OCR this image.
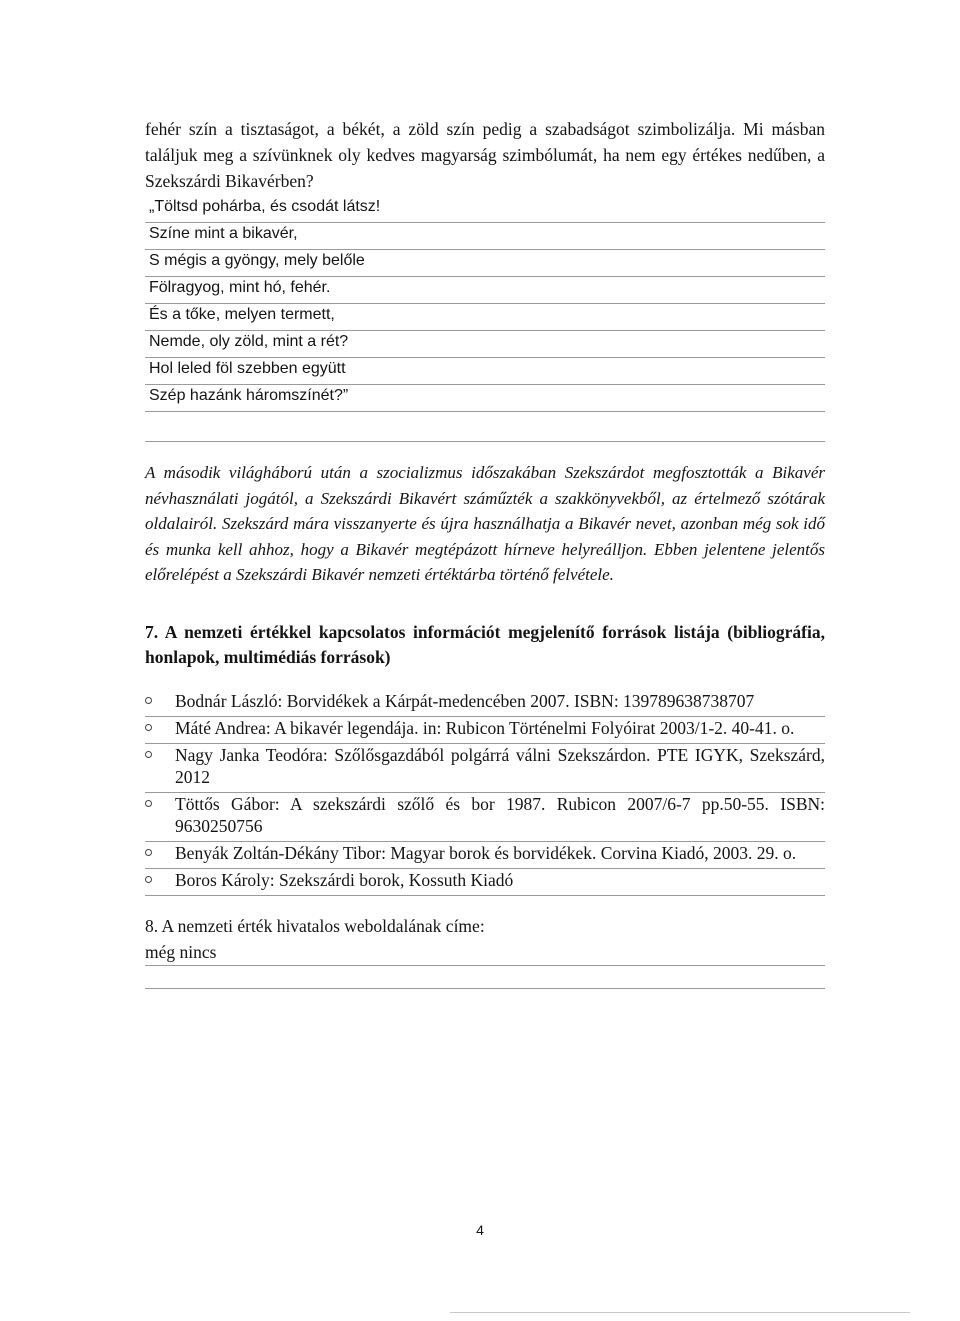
fehér szín a tisztaságot, a békét, a zöld szín pedig a szabadságot szimbolizálja. Mi másban találjuk meg a szívünknek oly kedves magyarság szimbólumát, ha nem egy értékes nedűben, a Szekszárdi Bikavérben?

„Töltsd pohárba, és csodát látsz!
Színe mint a bikavér,
S mégis a gyöngy, mely belőle
Fölragyog, mint hó, fehér.
És a tőke, melyen termett,
Nemde, oly zöld, mint a rét?
Hol leled föl szebben együtt
Szép hazánk háromszínét?”

A második világháború után a szocializmus időszakában Szekszárdot megfosztották a Bikavér névhasználati jogától, a Szekszárdi Bikavért száműzték a szakkönyvekből, az értelmező szótárak oldalairól. Szekszárd mára visszanyerte és újra használhatja a Bikavér nevet, azonban még sok idő és munka kell ahhoz, hogy a Bikavér megtépázott hírneve helyreálljon. Ebben jelentene jelentős előrelépést a Szekszárdi Bikavér nemzeti értéktárba történő felvétele.

7. A nemzeti értékkel kapcsolatos információt megjelenítő források listája (bibliográfia, honlapok, multimédiás források)

Bodnár László: Borvidékek a Kárpát-medencében 2007. ISBN: 139789638738707
Máté Andrea: A bikavér legendája. in: Rubicon Történelmi Folyóirat 2003/1-2. 40-41. o.
Nagy Janka Teodóra: Szőlősgazdából polgárrá válni Szekszárdon. PTE IGYK, Szekszárd, 2012
Töttős Gábor: A szekszárdi szőlő és bor 1987. Rubicon 2007/6-7 pp.50-55. ISBN: 9630250756
Benyák Zoltán-Dékány Tibor: Magyar borok és borvidékek. Corvina Kiadó, 2003. 29. o.
Boros Károly: Szekszárdi borok, Kossuth Kiadó
8. A nemzeti érték hivatalos weboldalának címe:
még nincs
4
